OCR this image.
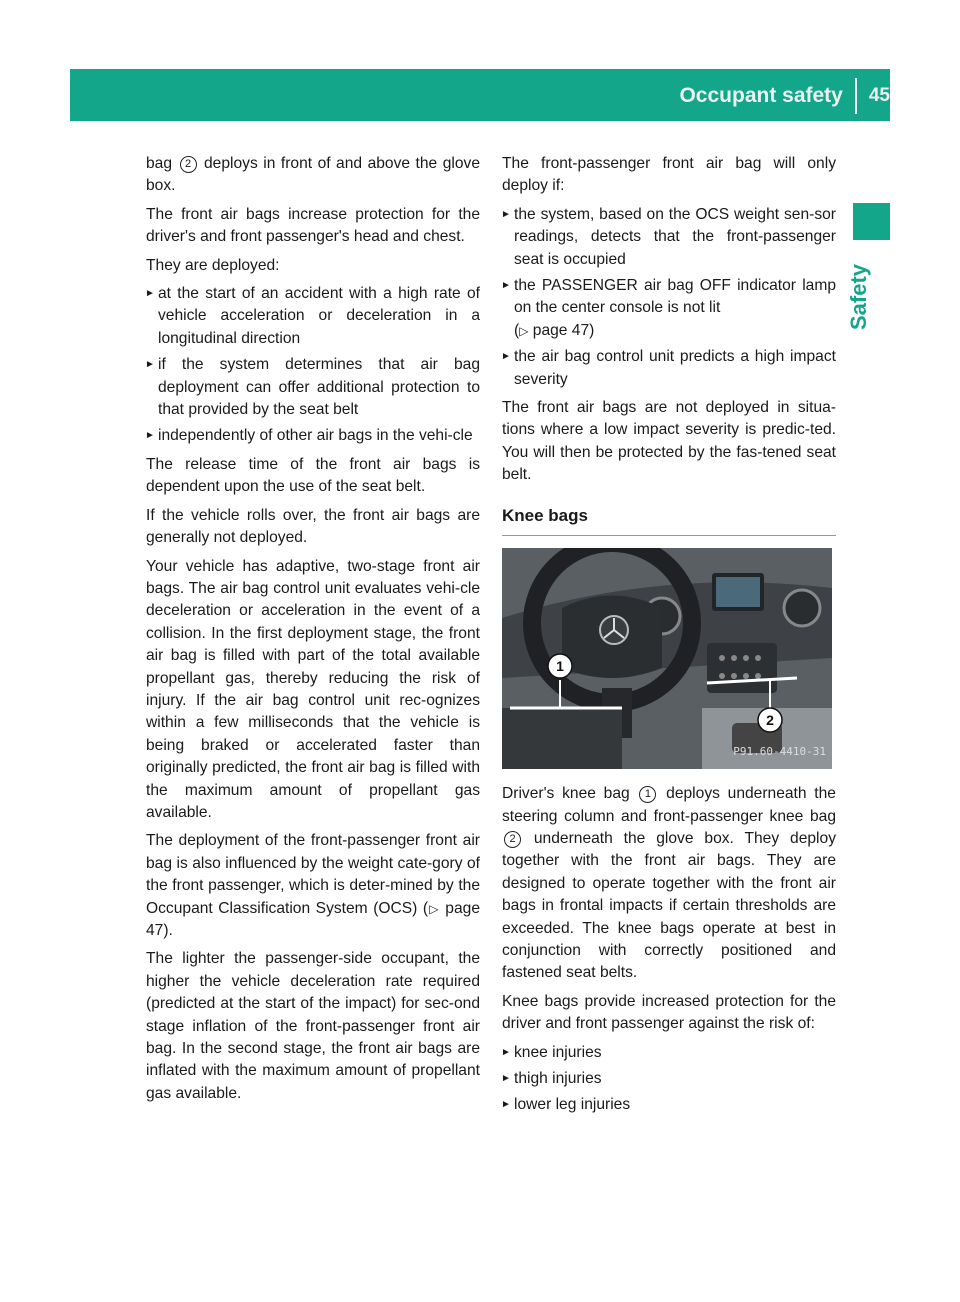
Occupant safety 45
Safety

bag 2 deploys in front of and above the glove box.

The front air bags increase protection for the driver's and front passenger's head and chest.

They are deployed:

► at the start of an accident with a high rate of vehicle acceleration or deceleration in a longitudinal direction
► if the system determines that air bag deployment can offer additional protection to that provided by the seat belt
► independently of other air bags in the vehi-cle

The release time of the front air bags is dependent upon the use of the seat belt.

If the vehicle rolls over, the front air bags are generally not deployed.

Your vehicle has adaptive, two-stage front air bags. The air bag control unit evaluates vehi-cle deceleration or acceleration in the event of a collision. In the first deployment stage, the front air bag is filled with part of the total available propellant gas, thereby reducing the risk of injury. If the air bag control unit rec-ognizes within a few milliseconds that the vehicle is being braked or accelerated faster than originally predicted, the front air bag is filled with the maximum amount of propellant gas available.

The deployment of the front-passenger front air bag is also influenced by the weight cate-gory of the front passenger, which is deter-mined by the Occupant Classification System (OCS) (▷ page 47).

The lighter the passenger-side occupant, the higher the vehicle deceleration rate required (predicted at the start of the impact) for sec-ond stage inflation of the front-passenger front air bag. In the second stage, the front air bags are inflated with the maximum amount of propellant gas available.

The front-passenger front air bag will only deploy if:

► the system, based on the OCS weight sen-sor readings, detects that the front-passenger seat is occupied
► the PASSENGER air bag OFF indicator lamp on the center console is not lit
(▷ page 47)
► the air bag control unit predicts a high impact severity

The front air bags are not deployed in situa-tions where a low impact severity is predic-ted. You will then be protected by the fas-tened seat belt.

Knee bags
1
2
P91.60-4410-31

Driver's knee bag 1 deploys underneath the steering column and front-passenger knee bag 2 underneath the glove box. They deploy together with the front air bags. They are designed to operate together with the front air bags in frontal impacts if certain thresholds are exceeded. The knee bags operate at best in conjunction with correctly positioned and fastened seat belts.

Knee bags provide increased protection for the driver and front passenger against the risk of:

► knee injuries
► thigh injuries
► lower leg injuries
